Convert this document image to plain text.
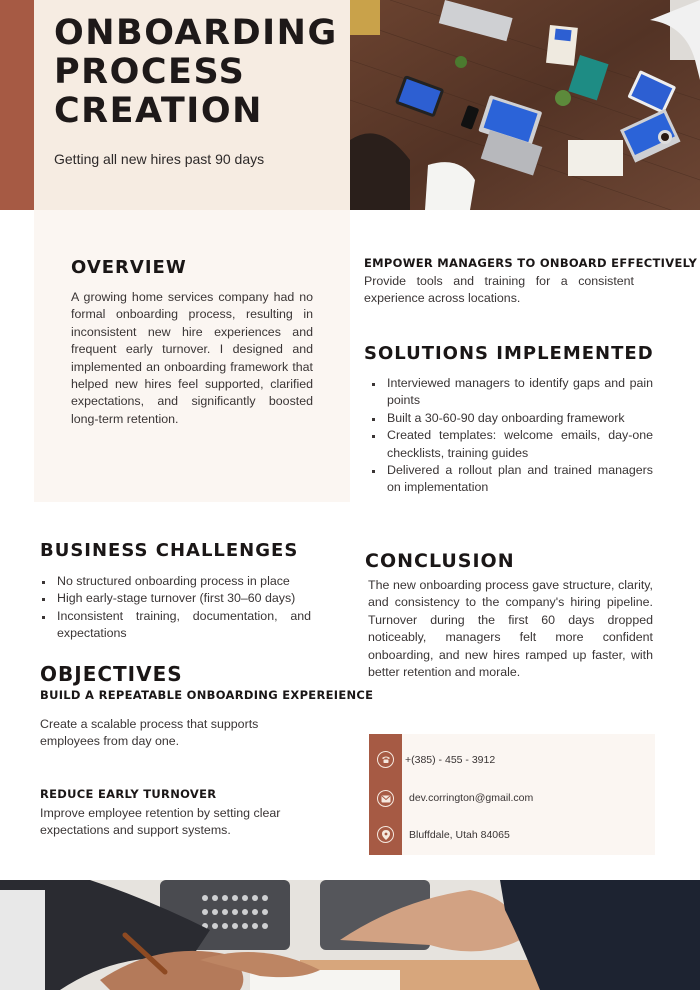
ONBOARDING
PROCESS
CREATION
Getting all new hires past 90 days
OVERVIEW

A growing home services company had no formal onboarding process, resulting in inconsistent new hire experiences and frequent early turnover. I designed and implemented an onboarding framework that helped new hires feel supported, clarified expectations, and significantly boosted long-term retention.

EMPOWER MANAGERS TO ONBOARD EFFECTIVELY

Provide tools and training for a consistent experience across locations.

SOLUTIONS IMPLEMENTED
Interviewed managers to identify gaps and pain points
Built a 30-60-90 day onboarding framework
Created templates: welcome emails, day-one checklists, training guides
Delivered a rollout plan and trained managers on implementation
BUSINESS CHALLENGES
No structured onboarding process in place
High early-stage turnover (first 30–60 days)
Inconsistent training, documentation, and expectations
OBJECTIVES
BUILD A REPEATABLE ONBOARDING EXPEREIENCE

Create a scalable process that supports employees from day one.

REDUCE EARLY TURNOVER

Improve employee retention by setting clear expectations and support systems.

CONCLUSION

The new onboarding process gave structure, clarity, and consistency to the company's hiring pipeline. Turnover during the first 60 days dropped noticeably, managers felt more confident onboarding, and new hires ramped up faster, with better retention and morale.

+(385) - 455 - 3912
dev.corrington@gmail.com
Bluffdale, Utah 84065
